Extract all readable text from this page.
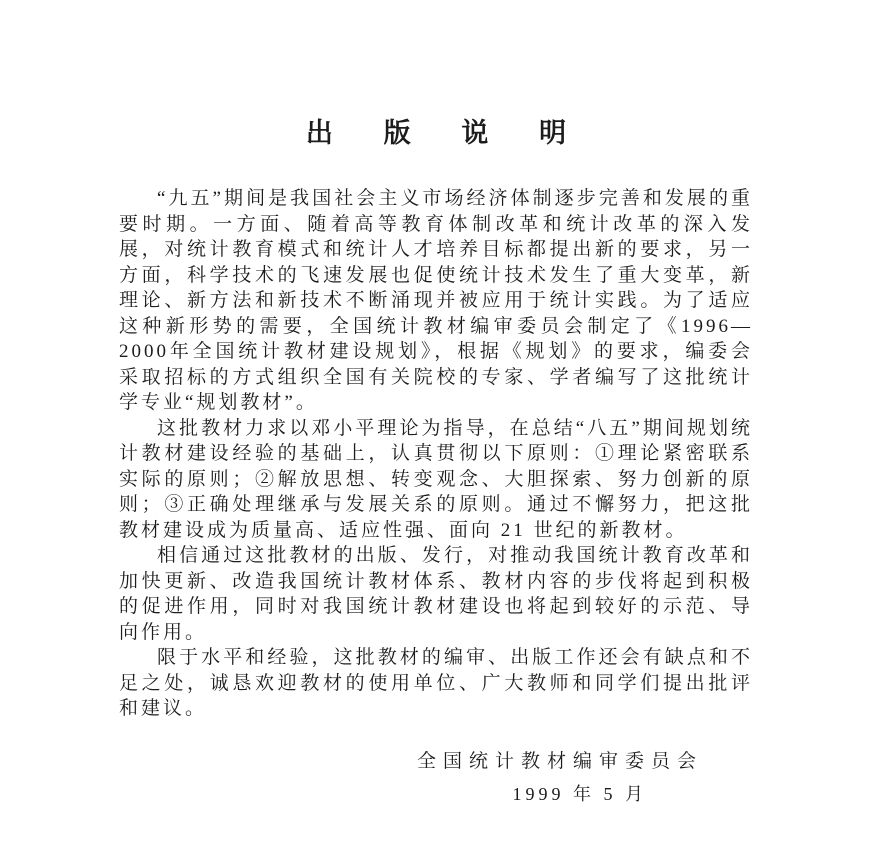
出 版 说 明

“九五”期间是我国社会主义市场经济体制逐步完善和发展的重要时期。一方面、随着高等教育体制改革和统计改革的深入发展，对统计教育模式和统计人才培养目标都提出新的要求，另一方面，科学技术的飞速发展也促使统计技术发生了重大变革，新理论、新方法和新技术不断涌现并被应用于统计实践。为了适应这种新形势的需要，全国统计教材编审委员会制定了《1996—2000年全国统计教材建设规划》，根据《规划》的要求，编委会采取招标的方式组织全国有关院校的专家、学者编写了这批统计学专业“规划教材”。

这批教材力求以邓小平理论为指导，在总结“八五”期间规划统计教材建设经验的基础上，认真贯彻以下原则：①理论紧密联系实际的原则；②解放思想、转变观念、大胆探索、努力创新的原则；③正确处理继承与发展关系的原则。通过不懈努力，把这批教材建设成为质量高、适应性强、面向 21 世纪的新教材。

相信通过这批教材的出版、发行，对推动我国统计教育改革和加快更新、改造我国统计教材体系、教材内容的步伐将起到积极的促进作用，同时对我国统计教材建设也将起到较好的示范、导向作用。

限于水平和经验，这批教材的编审、出版工作还会有缺点和不足之处，诚恳欢迎教材的使用单位、广大教师和同学们提出批评和建议。

全国统计教材编审委员会
1999 年 5 月
